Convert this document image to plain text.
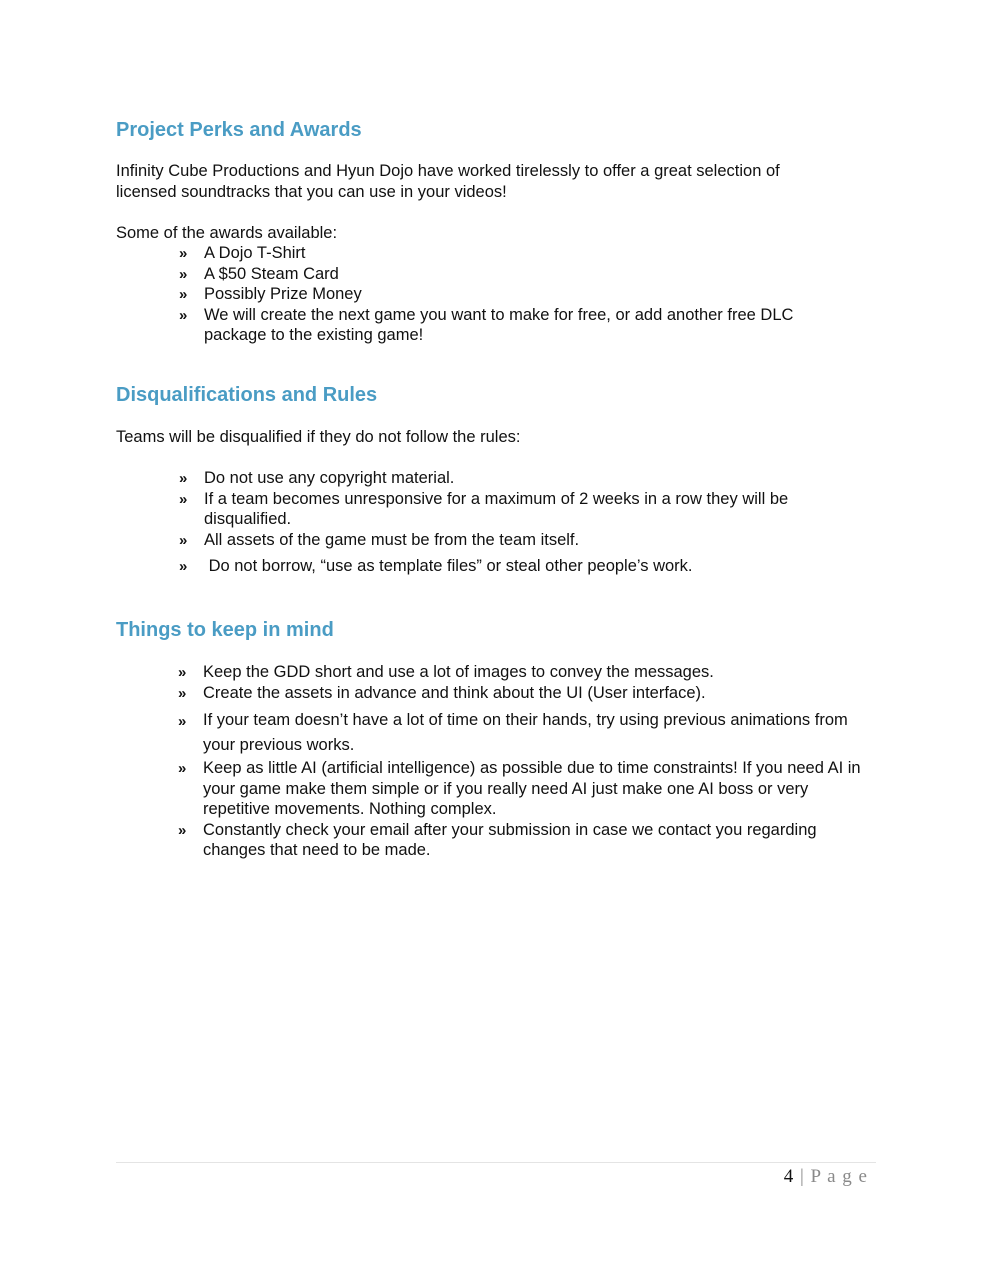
Project Perks and Awards

Infinity Cube Productions and Hyun Dojo have worked tirelessly to offer a great selection of
licensed soundtracks that you can use in your videos!

Some of the awards available:

» A Dojo T-Shirt
» A $50 Steam Card
» Possibly Prize Money
» We will create the next game you want to make for free, or add another free DLC package to the existing game!
Disqualifications and Rules

Teams will be disqualified if they do not follow the rules:

» Do not use any copyright material.
» If a team becomes unresponsive for a maximum of 2 weeks in a row they will be disqualified.
» All assets of the game must be from the team itself.
» Do not borrow, “use as template files” or steal other people’s work.
Things to keep in mind
» Keep the GDD short and use a lot of images to convey the messages.
» Create the assets in advance and think about the UI (User interface).
» If your team doesn’t have a lot of time on their hands, try using previous animations from your previous works.
» Keep as little AI (artificial intelligence) as possible due to time constraints! If you need AI in your game make them simple or if you really need AI just make one AI boss or very repetitive movements. Nothing complex.
» Constantly check your email after your submission in case we contact you regarding changes that need to be made.
4 | P a g e
